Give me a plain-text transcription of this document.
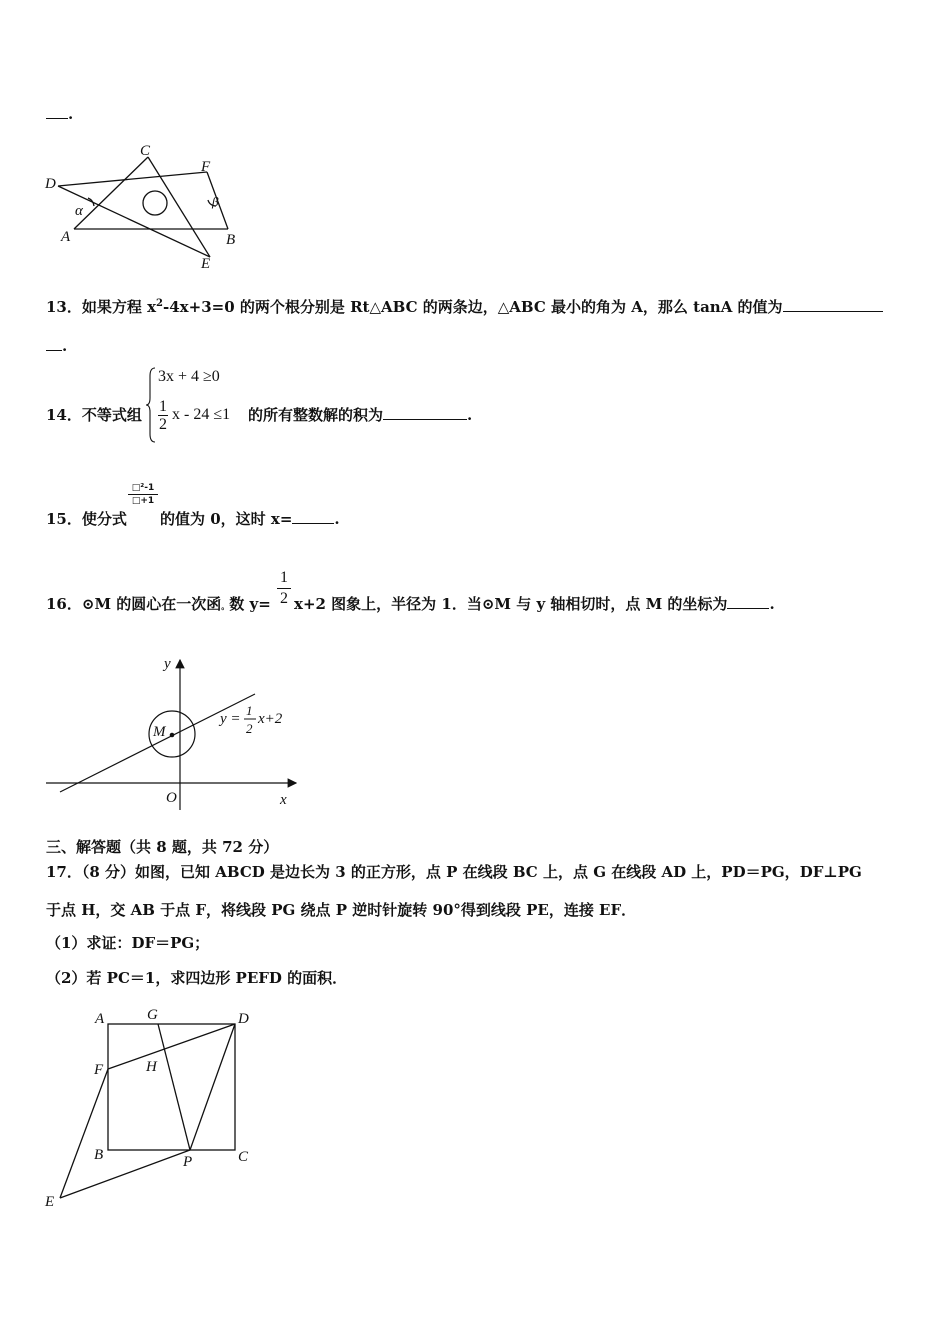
.
C
F
D
α
β
A	B
E
13．如果方程 $x^2-4x+3=0$ 的两个根分别是 Rt△ABC 的两条边，△ABC 最小的角为 A，那么 tanA 的值为
.
14．不等式组
3x + 4 ≥0
$\frac{1}{2}$ x - 24 ≤1 的所有整数解的积为	.
15．使分式
□²-1
□+1
的值为 0，这时 x=	.
16．⊙M 的圆心在一次函。数 y=
1
2 x+2 图象上，半径为 1．当⊙M 与 y 轴相切时，点 M 的坐标为	.
y
M
O	x
y =
1
2
x+2
三、解答题（共 8 题，共 72 分）
17．（8 分）如图，已知 ABCD 是边长为 3 的正方形，点 P 在线段 BC 上，点 G 在线段 AD 上，PD＝PG，DF⊥PG
于点 H，交 AB 于点 F，将线段 PG 绕点 P 逆时针旋转 90°得到线段 PE，连接 EF．
（1）求证：DF＝PG；
（2）若 PC＝1，求四边形 PEFD 的面积．
A	G	D
F	H
B	P	C
E
